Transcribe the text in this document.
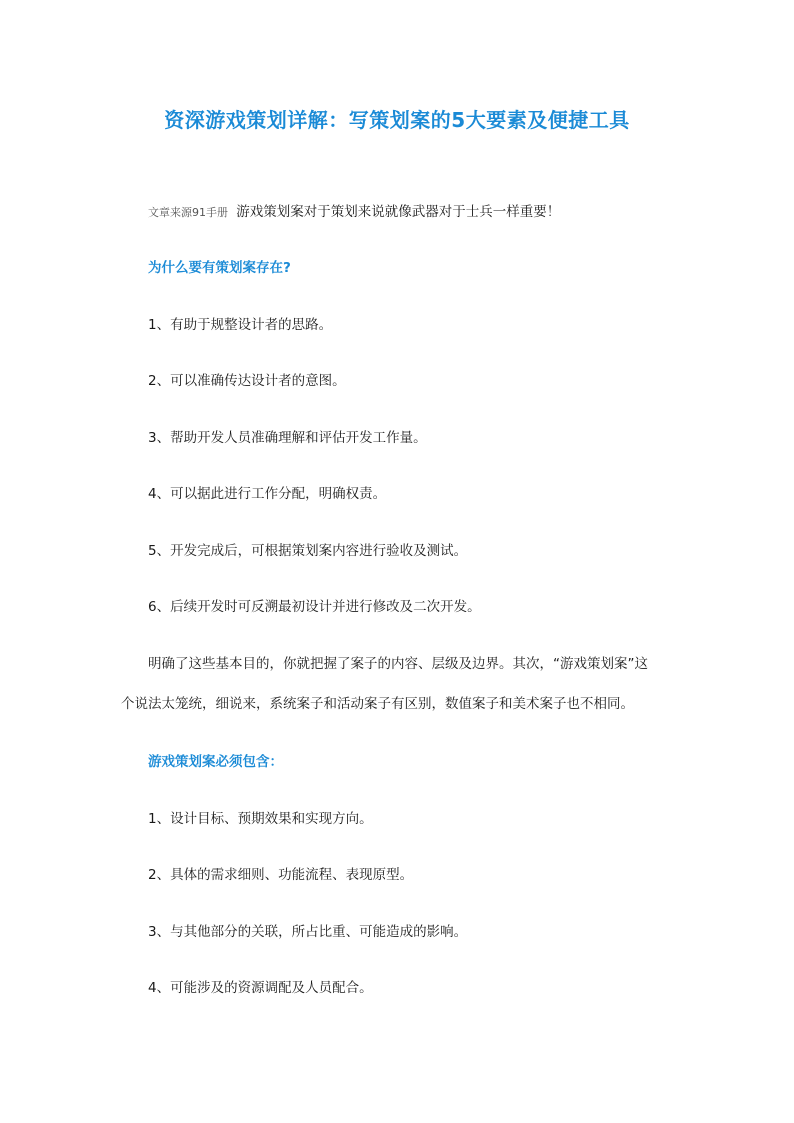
资深游戏策划详解：写策划案的5大要素及便捷工具

文章来源91手册 游戏策划案对于策划来说就像武器对于士兵一样重要！

为什么要有策划案存在?

1、有助于规整设计者的思路。

2、可以准确传达设计者的意图。

3、帮助开发人员准确理解和评估开发工作量。

4、可以据此进行工作分配，明确权责。

5、开发完成后，可根据策划案内容进行验收及测试。

6、后续开发时可反溯最初设计并进行修改及二次开发。

明确了这些基本目的，你就把握了案子的内容、层级及边界。其次，“游戏策划案”这

个说法太笼统，细说来，系统案子和活动案子有区别，数值案子和美术案子也不相同。

游戏策划案必须包含：

1、设计目标、预期效果和实现方向。

2、具体的需求细则、功能流程、表现原型。

3、与其他部分的关联，所占比重、可能造成的影响。

4、可能涉及的资源调配及人员配合。
